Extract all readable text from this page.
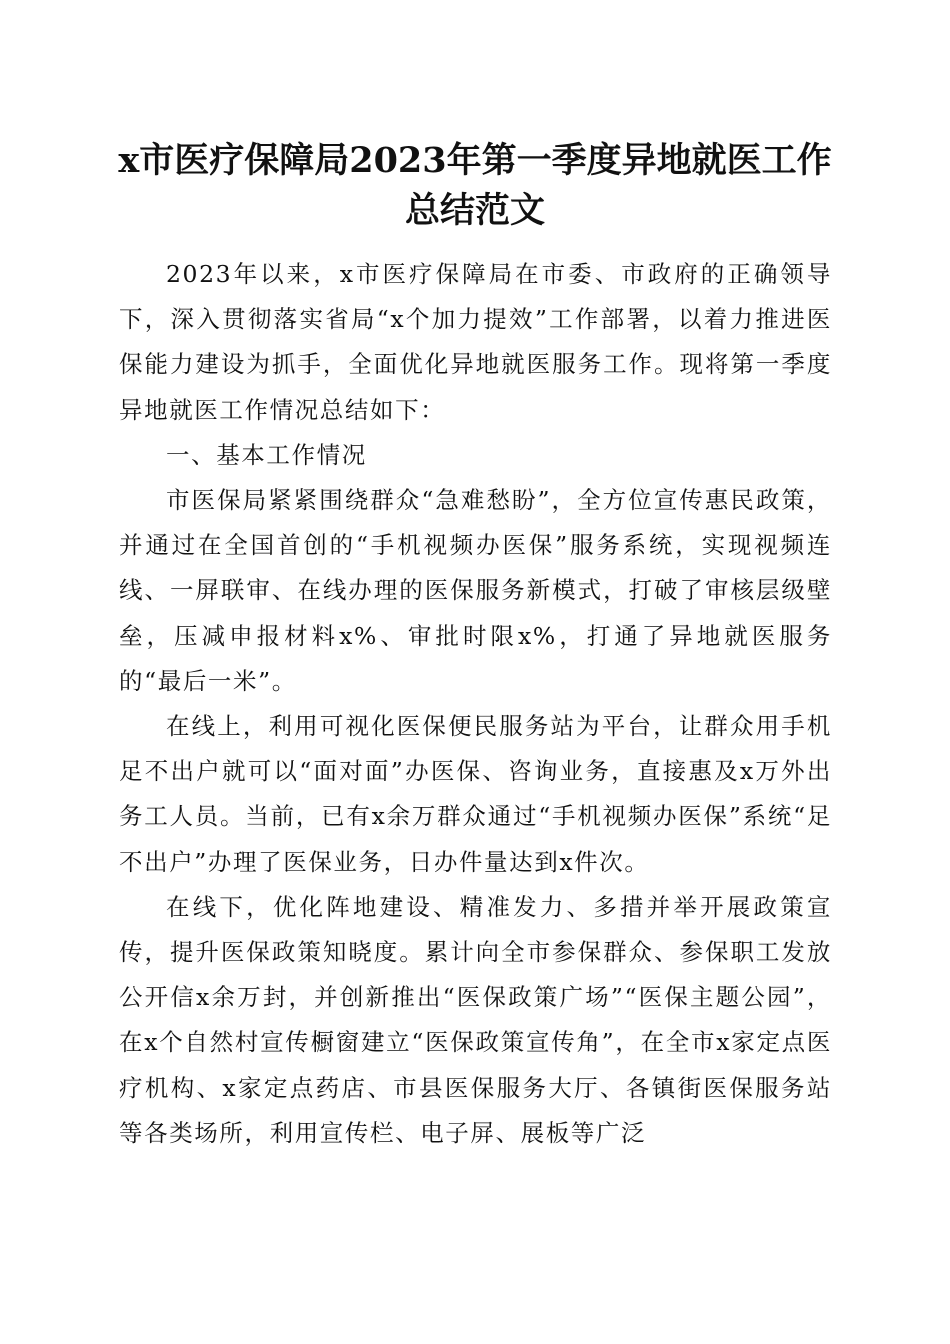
x市医疗保障局2023年第一季度异地就医工作
总结范文

2023年以来，x市医疗保障局在市委、市政府的正确领导下，深入贯彻落实省局“x个加力提效”工作部署，以着力推进医保能力建设为抓手，全面优化异地就医服务工作。现将第一季度异地就医工作情况总结如下：

一、基本工作情况

市医保局紧紧围绕群众“急难愁盼”，全方位宣传惠民政策，并通过在全国首创的“手机视频办医保”服务系统，实现视频连线、一屏联审、在线办理的医保服务新模式，打破了审核层级壁垒，压减申报材料x%、审批时限x%，打通了异地就医服务的“最后一米”。

在线上，利用可视化医保便民服务站为平台，让群众用手机足不出户就可以“面对面”办医保、咨询业务，直接惠及x万外出务工人员。当前，已有x余万群众通过“手机视频办医保”系统“足不出户”办理了医保业务，日办件量达到x件次。

在线下，优化阵地建设、精准发力、多措并举开展政策宣传，提升医保政策知晓度。累计向全市参保群众、参保职工发放公开信x余万封，并创新推出“医保政策广场”“医保主题公园”，在x个自然村宣传橱窗建立“医保政策宣传角”，在全市x家定点医疗机构、x家定点药店、市县医保服务大厅、各镇街医保服务站等各类场所，利用宣传栏、电子屏、展板等广泛
